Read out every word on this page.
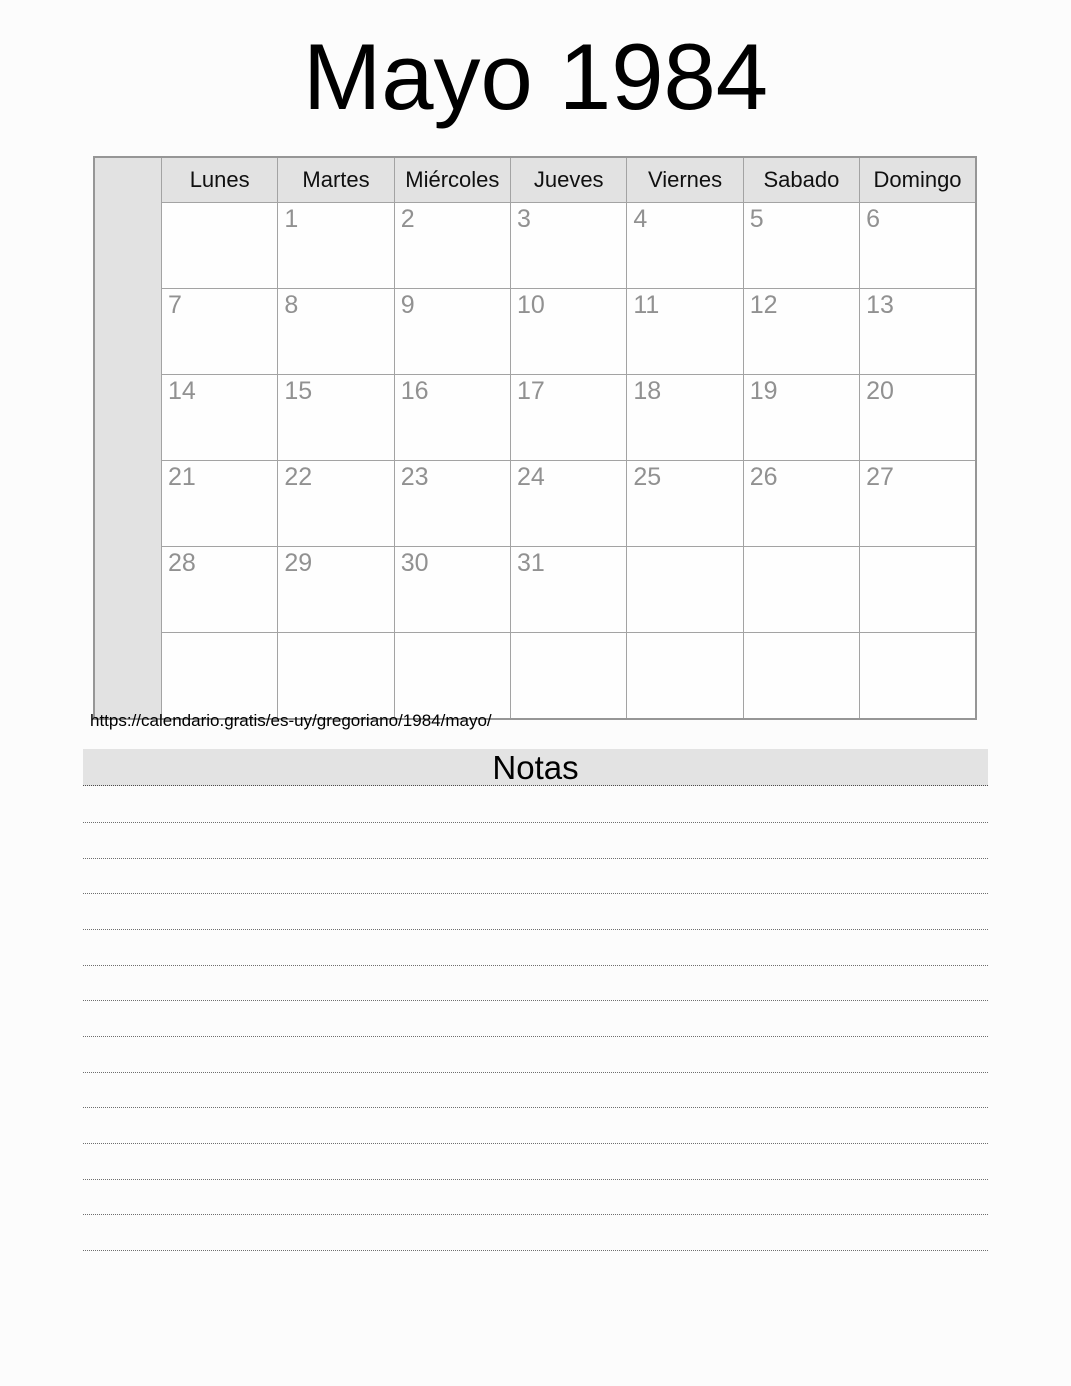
Mayo 1984
	Lunes	Martes	Miércoles	Jueves	Viernes	Sabado	Domingo
		1	2	3	4	5	6
	7	8	9	10	11	12	13
	14	15	16	17	18	19	20
	21	22	23	24	25	26	27
	28	29	30	31			

https://calendario.gratis/es-uy/gregoriano/1984/mayo/
Notas
